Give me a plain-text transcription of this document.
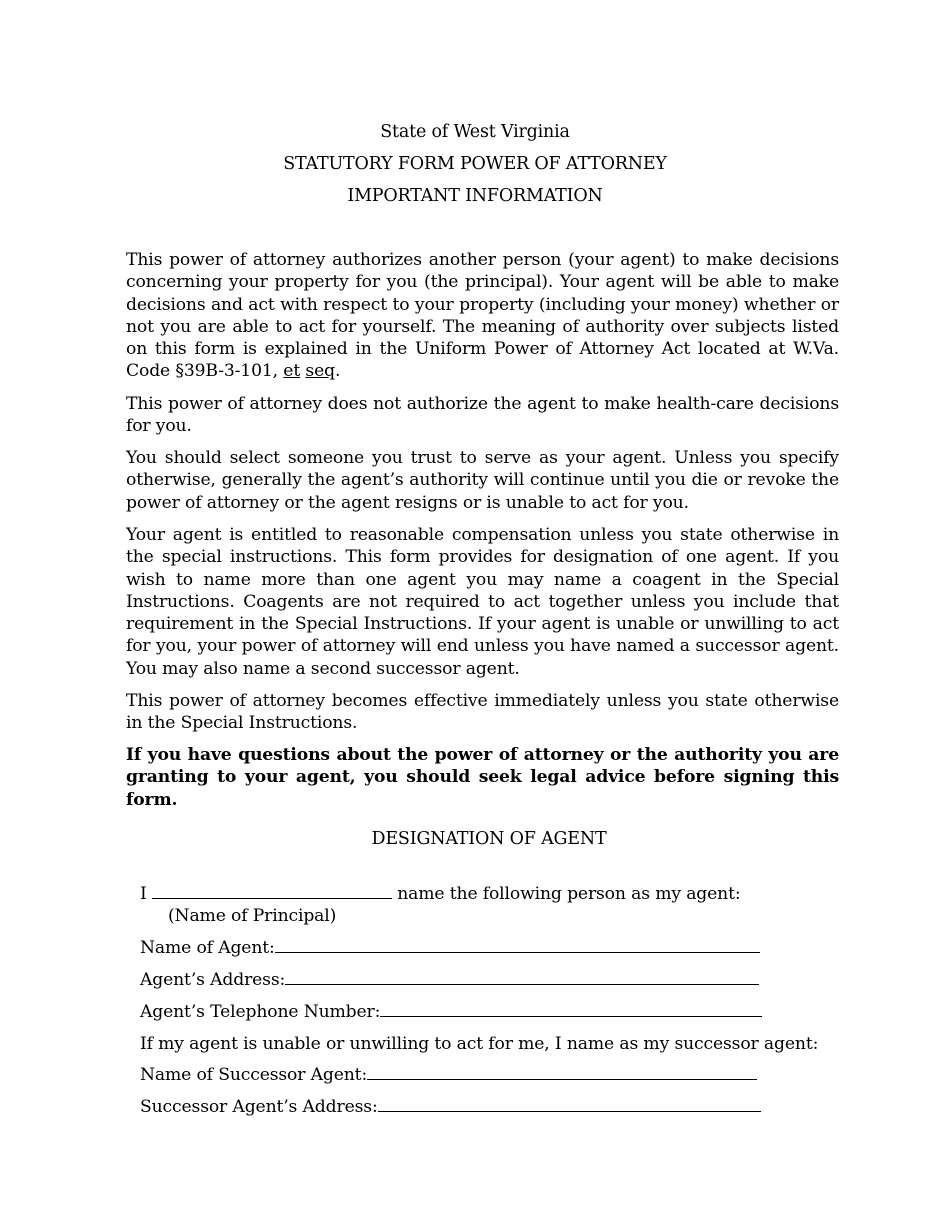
State of West Virginia
STATUTORY FORM POWER OF ATTORNEY
IMPORTANT INFORMATION

This power of attorney authorizes another person (your agent) to make decisions concerning your property for you (the principal). Your agent will be able to make decisions and act with respect to your property (including your money) whether or not you are able to act for yourself. The meaning of authority over subjects listed on this form is explained in the Uniform Power of Attorney Act located at W.Va. Code §39B-3-101, et seq.

This power of attorney does not authorize the agent to make health-care decisions for you.

You should select someone you trust to serve as your agent. Unless you specify otherwise, generally the agent’s authority will continue until you die or revoke the power of attorney or the agent resigns or is unable to act for you.

Your agent is entitled to reasonable compensation unless you state otherwise in the special instructions. This form provides for designation of one agent. If you wish to name more than one agent you may name a coagent in the Special Instructions. Coagents are not required to act together unless you include that requirement in the Special Instructions. If your agent is unable or unwilling to act for you, your power of attorney will end unless you have named a successor agent. You may also name a second successor agent.

This power of attorney becomes effective immediately unless you state otherwise in the Special Instructions.

If you have questions about the power of attorney or the authority you are granting to your agent, you should seek legal advice before signing this form.

DESIGNATION OF AGENT
I	name the following person as my agent:
(Name of Principal)
Name of Agent:
Agent’s Address:
Agent’s Telephone Number:
If my agent is unable or unwilling to act for me, I name as my successor agent:
Name of Successor Agent:
Successor Agent’s Address:
